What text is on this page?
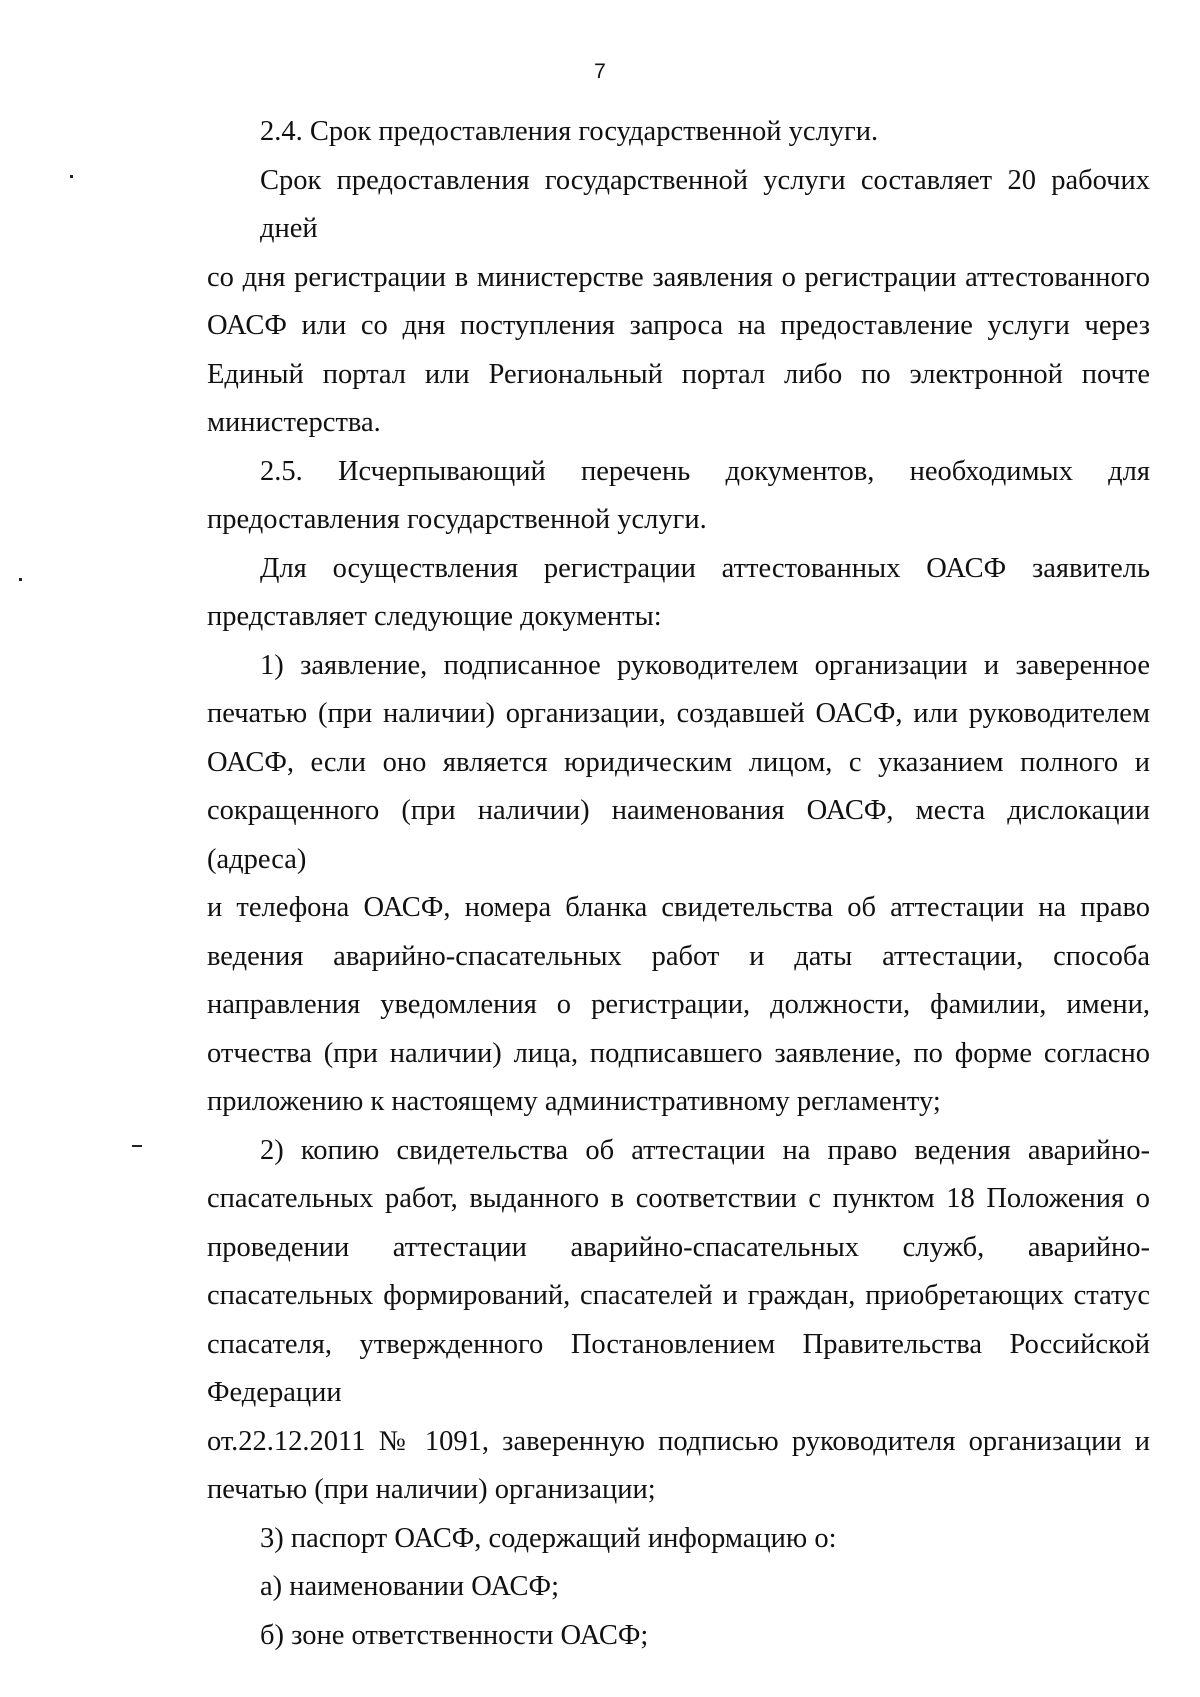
7
2.4. Срок предоставления государственной услуги.
Срок предоставления государственной услуги составляет 20 рабочих дней
со дня регистрации в министерстве заявления о регистрации аттестованного
ОАСФ или со дня поступления запроса на предоставление услуги через
Единый портал или Региональный портал либо по электронной почте
министерства.
2.5. Исчерпывающий перечень документов, необходимых для
предоставления государственной услуги.
Для осуществления регистрации аттестованных ОАСФ заявитель
представляет следующие документы:
1) заявление, подписанное руководителем организации и заверенное
печатью (при наличии) организации, создавшей ОАСФ, или руководителем
ОАСФ, если оно является юридическим лицом, с указанием полного и
сокращенного (при наличии) наименования ОАСФ, места дислокации (адреса)
и телефона ОАСФ, номера бланка свидетельства об аттестации на право
ведения аварийно-спасательных работ и даты аттестации, способа
направления уведомления о регистрации, должности, фамилии, имени,
отчества (при наличии) лица, подписавшего заявление, по форме согласно
приложению к настоящему административному регламенту;
2) копию свидетельства об аттестации на право ведения аварийно-
спасательных работ, выданного в соответствии с пунктом 18 Положения о
проведении аттестации аварийно-спасательных служб, аварийно-
спасательных формирований, спасателей и граждан, приобретающих статус
спасателя, утвержденного Постановлением Правительства Российской
Федерации
от.22.12.2011 № 1091, заверенную подписью руководителя организации и
печатью (при наличии) организации;
3) паспорт ОАСФ, содержащий информацию о:
а) наименовании ОАСФ;
б) зоне ответственности ОАСФ;
